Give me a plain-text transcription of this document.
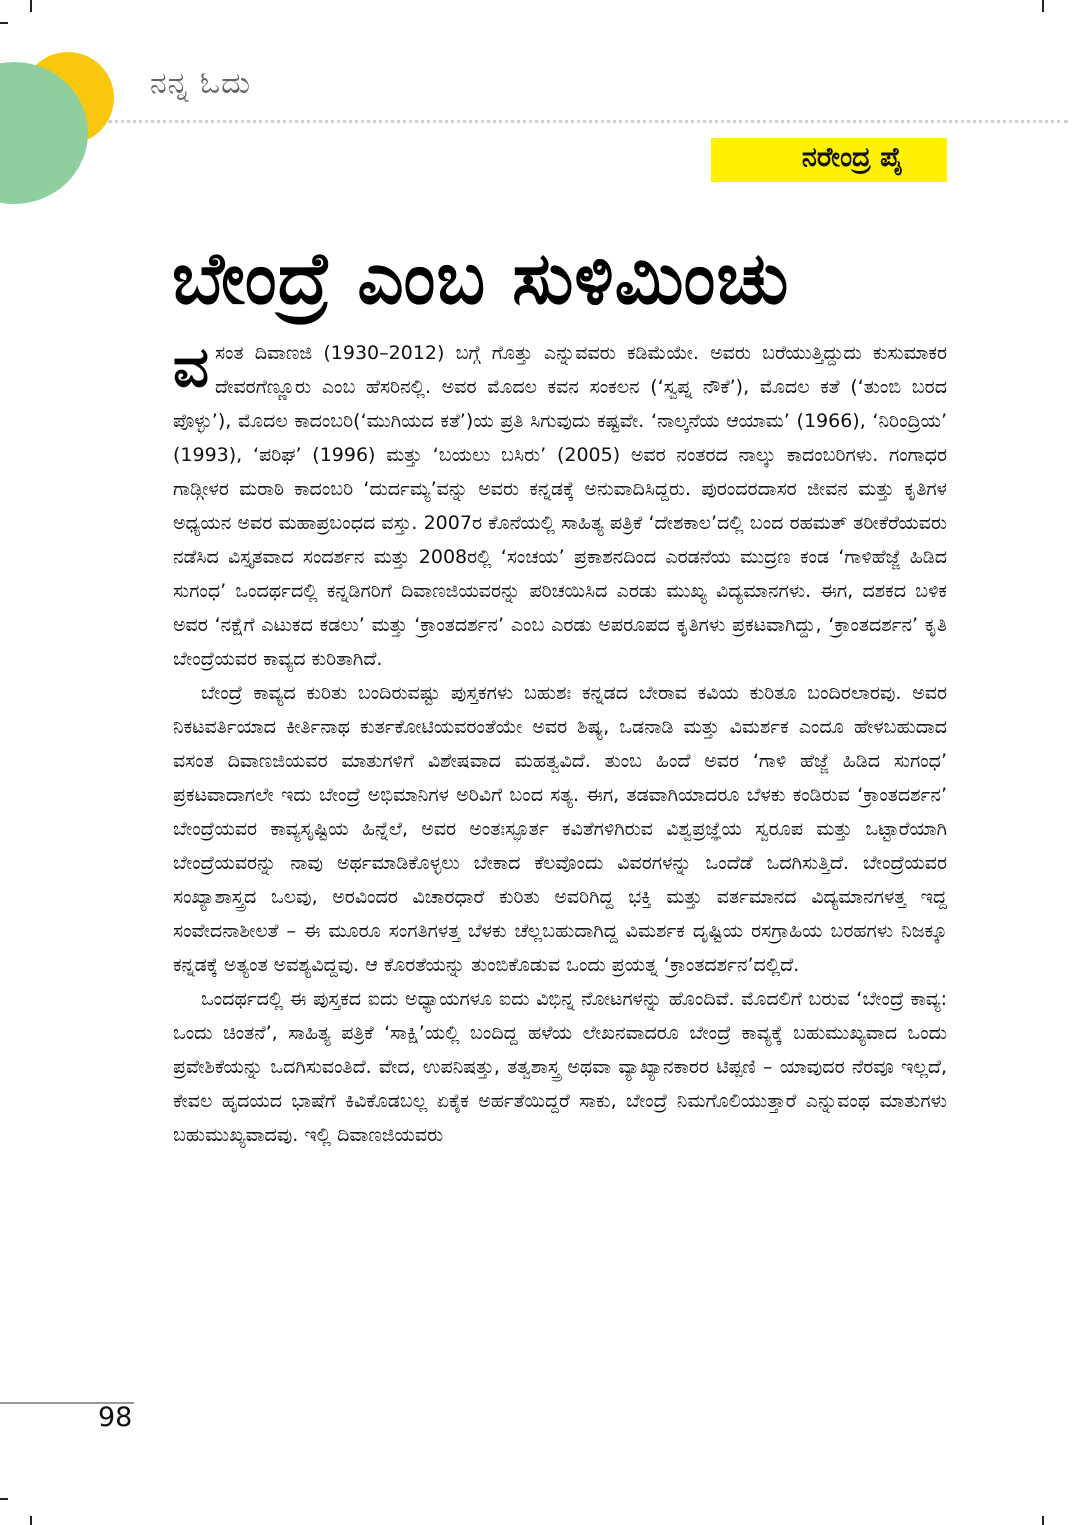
ನನ್ನ ಓದು
ನರೇಂದ್ರ ಪೈ
ಬೇಂದ್ರೆ ಎಂಬ ಸುಳಿಮಿಂಚು

ವಸಂತ ದಿವಾಣಜಿ (1930–2012) ಬಗ್ಗೆ ಗೊತ್ತು ಎನ್ನುವವರು ಕಡಿಮೆಯೇ. ಅವರು ಬರೆಯುತ್ತಿದ್ದುದು ಕುಸುಮಾಕರ ದೇವರಗೆಣ್ಣೂರು ಎಂಬ ಹೆಸರಿನಲ್ಲಿ. ಅವರ ಮೊದಲ ಕವನ ಸಂಕಲನ (‘ಸ್ವಪ್ನ ನೌಕೆ’), ಮೊದಲ ಕತೆ (‘ತುಂಬಿ ಬರದ ಪೊಳ್ಳು’), ಮೊದಲ ಕಾದಂಬರಿ(‘ಮುಗಿಯದ ಕತೆ’)ಯ ಪ್ರತಿ ಸಿಗುವುದು ಕಷ್ಟವೇ. ‘ನಾಲ್ಕನೆಯ ಆಯಾಮ’ (1966), ‘ನಿರಿಂದ್ರಿಯ’ (1993), ‘ಪರಿಘ’ (1996) ಮತ್ತು ‘ಬಯಲು ಬಸಿರು’ (2005) ಅವರ ನಂತರದ ನಾಲ್ಕು ಕಾದಂಬರಿಗಳು. ಗಂಗಾಧರ ಗಾಡ್ಗೀಳರ ಮರಾಠಿ ಕಾದಂಬರಿ ‘ದುರ್ದಮ್ಯ’ವನ್ನು ಅವರು ಕನ್ನಡಕ್ಕೆ ಅನುವಾದಿಸಿದ್ದರು. ಪುರಂದರದಾಸರ ಜೀವನ ಮತ್ತು ಕೃತಿಗಳ ಅಧ್ಯಯನ ಅವರ ಮಹಾಪ್ರಬಂಧದ ವಸ್ತು. 2007ರ ಕೊನೆಯಲ್ಲಿ ಸಾಹಿತ್ಯ ಪತ್ರಿಕೆ ‘ದೇಶಕಾಲ’ದಲ್ಲಿ ಬಂದ ರಹಮತ್ ತರೀಕೆರೆಯವರು ನಡೆಸಿದ ವಿಸ್ತೃತವಾದ ಸಂದರ್ಶನ ಮತ್ತು 2008ರಲ್ಲಿ ‘ಸಂಚಯ’ ಪ್ರಕಾಶನದಿಂದ ಎರಡನೆಯ ಮುದ್ರಣ ಕಂಡ ‘ಗಾಳಿಹೆಜ್ಜೆ ಹಿಡಿದ ಸುಗಂಧ’ ಒಂದರ್ಥದಲ್ಲಿ ಕನ್ನಡಿಗರಿಗೆ ದಿವಾಣಜಿಯವರನ್ನು ಪರಿಚಯಿಸಿದ ಎರಡು ಮುಖ್ಯ ವಿದ್ಯಮಾನಗಳು. ಈಗ, ದಶಕದ ಬಳಿಕ ಅವರ ‘ನಕ್ಷೆಗೆ ಎಟುಕದ ಕಡಲು’ ಮತ್ತು ‘ಕ್ರಾಂತದರ್ಶನ’ ಎಂಬ ಎರಡು ಅಪರೂಪದ ಕೃತಿಗಳು ಪ್ರಕಟವಾಗಿದ್ದು, ‘ಕ್ರಾಂತದರ್ಶನ’ ಕೃತಿ ಬೇಂದ್ರೆಯವರ ಕಾವ್ಯದ ಕುರಿತಾಗಿದೆ.

ಬೇಂದ್ರೆ ಕಾವ್ಯದ ಕುರಿತು ಬಂದಿರುವಷ್ಟು ಪುಸ್ತಕಗಳು ಬಹುಶಃ ಕನ್ನಡದ ಬೇರಾವ ಕವಿಯ ಕುರಿತೂ ಬಂದಿರಲಾರವು. ಅವರ ನಿಕಟವರ್ತಿಯಾದ ಕೀರ್ತಿನಾಥ ಕುರ್ತಕೋಟಿಯವರಂತೆಯೇ ಅವರ ಶಿಷ್ಯ, ಒಡನಾಡಿ ಮತ್ತು ವಿಮರ್ಶಕ ಎಂದೂ ಹೇಳಬಹುದಾದ ವಸಂತ ದಿವಾಣಜಿಯವರ ಮಾತುಗಳಿಗೆ ವಿಶೇಷವಾದ ಮಹತ್ವವಿದೆ. ತುಂಬ ಹಿಂದೆ ಅವರ ‘ಗಾಳಿ ಹೆಜ್ಜೆ ಹಿಡಿದ ಸುಗಂಧ’ ಪ್ರಕಟವಾದಾಗಲೇ ಇದು ಬೇಂದ್ರೆ ಅಭಿಮಾನಿಗಳ ಅರಿವಿಗೆ ಬಂದ ಸತ್ಯ. ಈಗ, ತಡವಾಗಿಯಾದರೂ ಬೆಳಕು ಕಂಡಿರುವ ‘ಕ್ರಾಂತದರ್ಶನ’ ಬೇಂದ್ರೆಯವರ ಕಾವ್ಯಸೃಷ್ಟಿಯ ಹಿನ್ನೆಲೆ, ಅವರ ಅಂತಃಸ್ಫೂರ್ತ ಕವಿತೆಗಳಿಗಿರುವ ವಿಶ್ವಪ್ರಜ್ಞೆಯ ಸ್ವರೂಪ ಮತ್ತು ಒಟ್ಟಾರೆಯಾಗಿ ಬೇಂದ್ರೆಯವರನ್ನು ನಾವು ಅರ್ಥಮಾಡಿಕೊಳ್ಳಲು ಬೇಕಾದ ಕೆಲವೊಂದು ವಿವರಗಳನ್ನು ಒಂದೆಡೆ ಒದಗಿಸುತ್ತಿದೆ. ಬೇಂದ್ರೆಯವರ ಸಂಖ್ಯಾಶಾಸ್ತ್ರದ ಒಲವು, ಅರವಿಂದರ ವಿಚಾರಧಾರೆ ಕುರಿತು ಅವರಿಗಿದ್ದ ಭಕ್ತಿ ಮತ್ತು ವರ್ತಮಾನದ ವಿದ್ಯಮಾನಗಳತ್ತ ಇದ್ದ ಸಂವೇದನಾಶೀಲತೆ – ಈ ಮೂರೂ ಸಂಗತಿಗಳತ್ತ ಬೆಳಕು ಚೆಲ್ಲಬಹುದಾಗಿದ್ದ ವಿಮರ್ಶಕ ದೃಷ್ಟಿಯ ರಸಗ್ರಾಹಿಯ ಬರಹಗಳು ನಿಜಕ್ಕೂ ಕನ್ನಡಕ್ಕೆ ಅತ್ಯಂತ ಅವಶ್ಯವಿದ್ದವು. ಆ ಕೊರತೆಯನ್ನು ತುಂಬಿಕೊಡುವ ಒಂದು ಪ್ರಯತ್ನ ‘ಕ್ರಾಂತದರ್ಶನ’ದಲ್ಲಿದೆ.

ಒಂದರ್ಥದಲ್ಲಿ ಈ ಪುಸ್ತಕದ ಐದು ಅಧ್ಯಾಯಗಳೂ ಐದು ವಿಭಿನ್ನ ನೋಟಗಳನ್ನು ಹೊಂದಿವೆ. ಮೊದಲಿಗೆ ಬರುವ ‘ಬೇಂದ್ರೆ ಕಾವ್ಯ: ಒಂದು ಚಿಂತನೆ’, ಸಾಹಿತ್ಯ ಪತ್ರಿಕೆ ‘ಸಾಕ್ಷಿ’ಯಲ್ಲಿ ಬಂದಿದ್ದ ಹಳೆಯ ಲೇಖನವಾದರೂ ಬೇಂದ್ರೆ ಕಾವ್ಯಕ್ಕೆ ಬಹುಮುಖ್ಯವಾದ ಒಂದು ಪ್ರವೇಶಿಕೆಯನ್ನು ಒದಗಿಸುವಂತಿದೆ. ವೇದ, ಉಪನಿಷತ್ತು, ತತ್ವಶಾಸ್ತ್ರ ಅಥವಾ ವ್ಯಾಖ್ಯಾನಕಾರರ ಟಿಪ್ಪಣಿ – ಯಾವುದರ ನೆರವೂ ಇಲ್ಲದೆ, ಕೇವಲ ಹೃದಯದ ಭಾಷೆಗೆ ಕಿವಿಕೊಡಬಲ್ಲ ಏಕೈಕ ಅರ್ಹತೆಯಿದ್ದರೆ ಸಾಕು, ಬೇಂದ್ರೆ ನಿಮಗೊಲಿಯುತ್ತಾರೆ ಎನ್ನುವಂಥ ಮಾತುಗಳು ಬಹುಮುಖ್ಯವಾದವು. ಇಲ್ಲಿ ದಿವಾಣಜಿಯವರು

98
